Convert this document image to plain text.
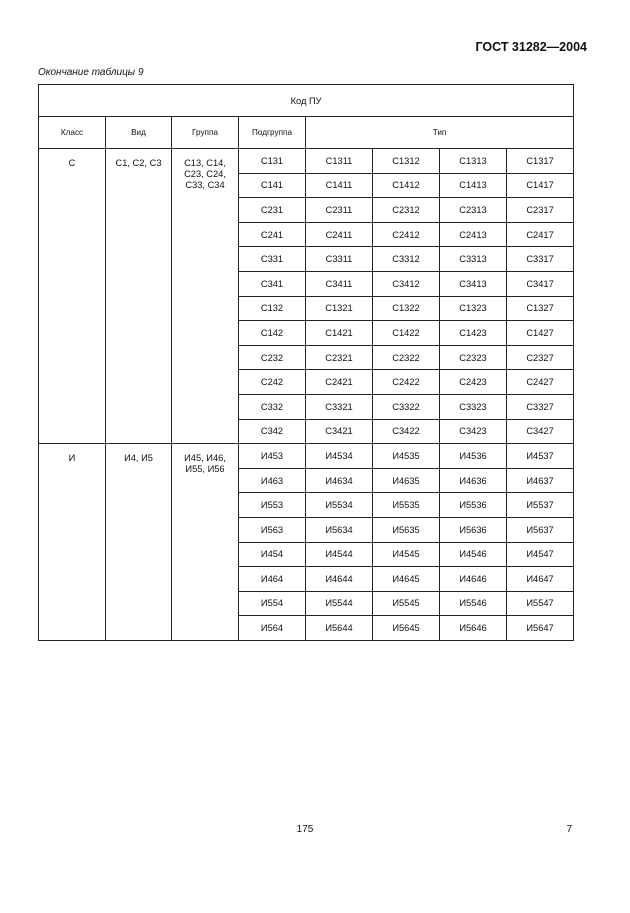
ГОСТ 31282—2004
Окончание таблицы 9
Код ПУ							
Класс	Вид	Группа	Подгруппа	Тип			
С	С1, С2, С3	С13, С14,
С23, С24,
С33, С34	С131	С1311	С1312	С1313	С1317
			С141	С1411	С1412	С1413	С1417
			С231	С2311	С2312	С2313	С2317
			С241	С2411	С2412	С2413	С2417
			С331	С3311	С3312	С3313	С3317
			С341	С3411	С3412	С3413	С3417
			С132	С1321	С1322	С1323	С1327
			С142	С1421	С1422	С1423	С1427
			С232	С2321	С2322	С2323	С2327
			С242	С2421	С2422	С2423	С2427
			С332	С3321	С3322	С3323	С3327
			С342	С3421	С3422	С3423	С3427
И	И4, И5	И45, И46,
И55, И56	И453	И4534	И4535	И4536	И4537
			И463	И4634	И4635	И4636	И4637
			И553	И5534	И5535	И5536	И5537
			И563	И5634	И5635	И5636	И5637
			И454	И4544	И4545	И4546	И4547
			И464	И4644	И4645	И4646	И4647
			И554	И5544	И5545	И5546	И5547
			И564	И5644	И5645	И5646	И5647
175	7
